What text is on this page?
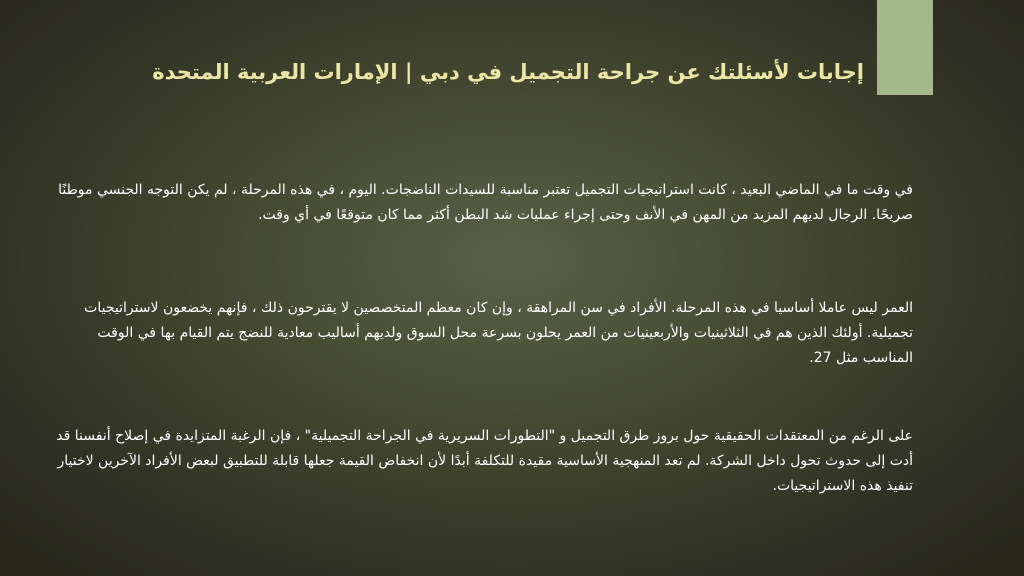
إجابات لأسئلتك عن جراحة التجميل في دبي | الإمارات العربية المتحدة

في وقت ما في الماضي البعيد ، كانت استراتيجيات التجميل تعتبر مناسبة للسيدات الناضجات. اليوم ، في هذه المرحلة ، لم يكن التوجه الجنسي موطنًا صريحًا. الرجال لديهم المزيد من المهن في الأنف وحتى إجراء عمليات شد البطن أكثر مما كان متوقعًا في أي وقت.

العمر ليس عاملا أساسيا في هذه المرحلة. الأفراد في سن المراهقة ، وإن كان معظم المتخصصين لا يقترحون ذلك ، فإنهم يخضعون لاستراتيجيات تجميلية. أولئك الذين هم في الثلاثينيات والأربعينيات من العمر يحلون بسرعة محل السوق ولديهم أساليب معادية للنضج يتم القيام بها في الوقت المناسب مثل 27.

على الرغم من المعتقدات الحقيقية حول بروز طرق التجميل و "التطورات السريرية في الجراحة التجميلية" ، فإن الرغبة المتزايدة في إصلاح أنفسنا قد أدت إلى حدوث تحول داخل الشركة. لم تعد المنهجية الأساسية مقيدة للتكلفة أبدًا لأن انخفاض القيمة جعلها قابلة للتطبيق لبعض الأفراد الآخرين لاختيار تنفيذ هذه الاستراتيجيات.
